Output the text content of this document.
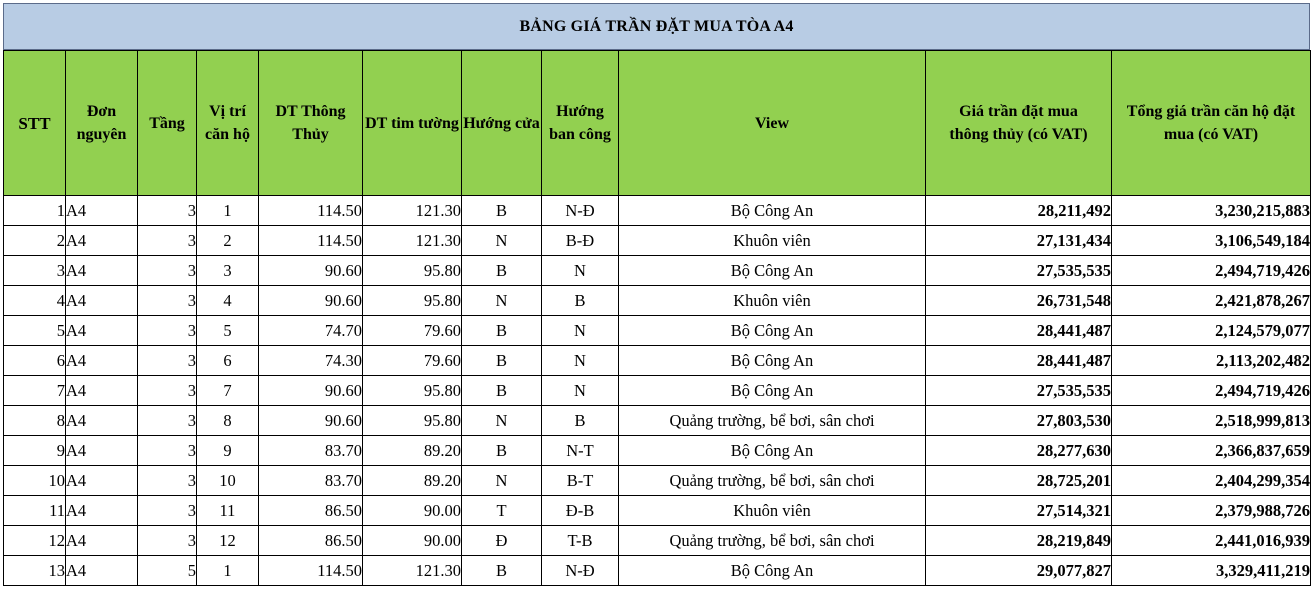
BẢNG GIÁ TRẦN ĐẶT MUA TÒA A4
STT	Đơn nguyên	Tầng	Vị trí căn hộ	DT Thông Thủy	DT tim tường	Hướng cửa	Hướng ban công	View	Giá trần đặt mua thông thủy (có VAT)	Tổng giá trần căn hộ đặt mua (có VAT)
1	A4	3	1	114.50	121.30	B	N-Đ	Bộ Công An	28,211,492	3,230,215,883
2	A4	3	2	114.50	121.30	N	B-Đ	Khuôn viên	27,131,434	3,106,549,184
3	A4	3	3	90.60	95.80	B	N	Bộ Công An	27,535,535	2,494,719,426
4	A4	3	4	90.60	95.80	N	B	Khuôn viên	26,731,548	2,421,878,267
5	A4	3	5	74.70	79.60	B	N	Bộ Công An	28,441,487	2,124,579,077
6	A4	3	6	74.30	79.60	B	N	Bộ Công An	28,441,487	2,113,202,482
7	A4	3	7	90.60	95.80	B	N	Bộ Công An	27,535,535	2,494,719,426
8	A4	3	8	90.60	95.80	N	B	Quảng trường, bể bơi, sân chơi	27,803,530	2,518,999,813
9	A4	3	9	83.70	89.20	B	N-T	Bộ Công An	28,277,630	2,366,837,659
10	A4	3	10	83.70	89.20	N	B-T	Quảng trường, bể bơi, sân chơi	28,725,201	2,404,299,354
11	A4	3	11	86.50	90.00	T	Đ-B	Khuôn viên	27,514,321	2,379,988,726
12	A4	3	12	86.50	90.00	Đ	T-B	Quảng trường, bể bơi, sân chơi	28,219,849	2,441,016,939
13	A4	5	1	114.50	121.30	B	N-Đ	Bộ Công An	29,077,827	3,329,411,219
